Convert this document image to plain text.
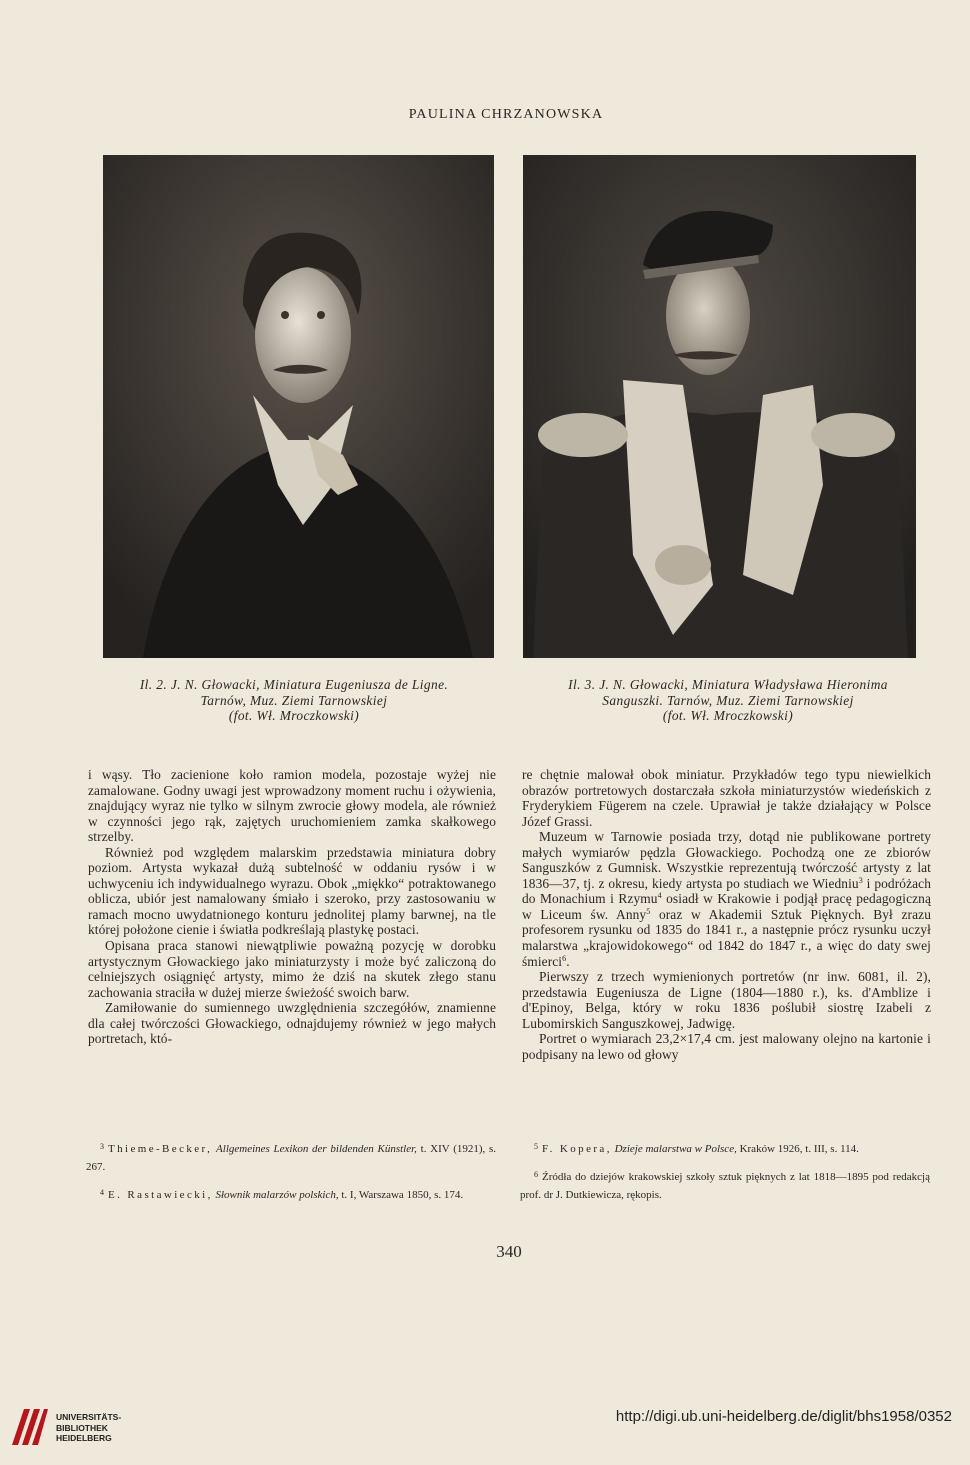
PAULINA CHRZANOWSKA
Il. 2. J. N. Głowacki, Miniatura Eugeniusza de Ligne.
Tarnów, Muz. Ziemi Tarnowskiej
(fot. Wł. Mroczkowski)
Il. 3. J. N. Głowacki, Miniatura Władysława Hieronima
Sanguszki. Tarnów, Muz. Ziemi Tarnowskiej
(fot. Wł. Mroczkowski)

i wąsy. Tło zacienione koło ramion modela, pozostaje wyżej nie zamalowane. Godny uwagi jest wprowadzony moment ruchu i ożywienia, znajdujący wyraz nie tylko w silnym zwrocie głowy modela, ale również w czynności jego rąk, zajętych uruchomieniem zamka skałkowego strzelby.

Również pod względem malarskim przedstawia miniatura dobry poziom. Artysta wykazał dużą subtelność w oddaniu rysów i w uchwyceniu ich indywidualnego wyrazu. Obok „miękko“ potraktowanego oblicza, ubiór jest namalowany śmiało i szeroko, przy zastosowaniu w ramach mocno uwydatnionego konturu jednolitej plamy barwnej, na tle której położone cienie i światła podkreślają plastykę postaci.

Opisana praca stanowi niewątpliwie poważną pozycję w dorobku artystycznym Głowackiego jako miniaturzysty i może być zaliczoną do celniejszych osiągnięć artysty, mimo że dziś na skutek złego stanu zachowania straciła w dużej mierze świeżość swoich barw.

Zamiłowanie do sumiennego uwzględnienia szczegółów, znamienne dla całej twórczości Głowackiego, odnajdujemy również w jego małych portretach, któ-

re chętnie malował obok miniatur. Przykładów tego typu niewielkich obrazów portretowych dostarczała szkoła miniaturzystów wiedeńskich z Fryderykiem Fügerem na czele. Uprawiał je także działający w Polsce Józef Grassi.

Muzeum w Tarnowie posiada trzy, dotąd nie publikowane portrety małych wymiarów pędzla Głowackiego. Pochodzą one ze zbiorów Sanguszków z Gumnisk. Wszystkie reprezentują twórczość artysty z lat 1836—37, tj. z okresu, kiedy artysta po studiach we Wiedniu$^3$ i podróżach do Monachium i Rzymu$^4$ osiadł w Krakowie i podjął pracę pedagogiczną w Liceum św. Anny$^5$ oraz w Akademii Sztuk Pięknych. Był zrazu profesorem rysunku od 1835 do 1841 r., a następnie prócz rysunku uczył malarstwa „krajowidokowego“ od 1842 do 1847 r., a więc do daty swej śmierci$^6$.

Pierwszy z trzech wymienionych portretów (nr inw. 6081, il. 2), przedstawia Eugeniusza de Ligne (1804—1880 r.), ks. d'Amblize i d'Epinoy, Belga, który w roku 1836 poślubił siostrę Izabeli z Lubomirskich Sanguszkowej, Jadwigę.

Portret o wymiarach 23,2×17,4 cm. jest malowany olejno na kartonie i podpisany na lewo od głowy

$^3$ Thieme-Becker, Allgemeines Lexikon der bildenden Künstler, t. XIV (1921), s. 267.

$^4$ E. Rastawiecki, Słownik malarzów polskich, t. I, Warszawa 1850, s. 174.

$^5$ F. Kopera, Dzieje malarstwa w Polsce, Kraków 1926, t. III, s. 114.

$^6$ Źródła do dziejów krakowskiej szkoły sztuk pięknych z lat 1818—1895 pod redakcją prof. dr J. Dutkiewicza, rękopis.

340
UNIVERSITÄTS-
BIBLIOTHEK
HEIDELBERG
http://digi.ub.uni-heidelberg.de/diglit/bhs1958/0352
